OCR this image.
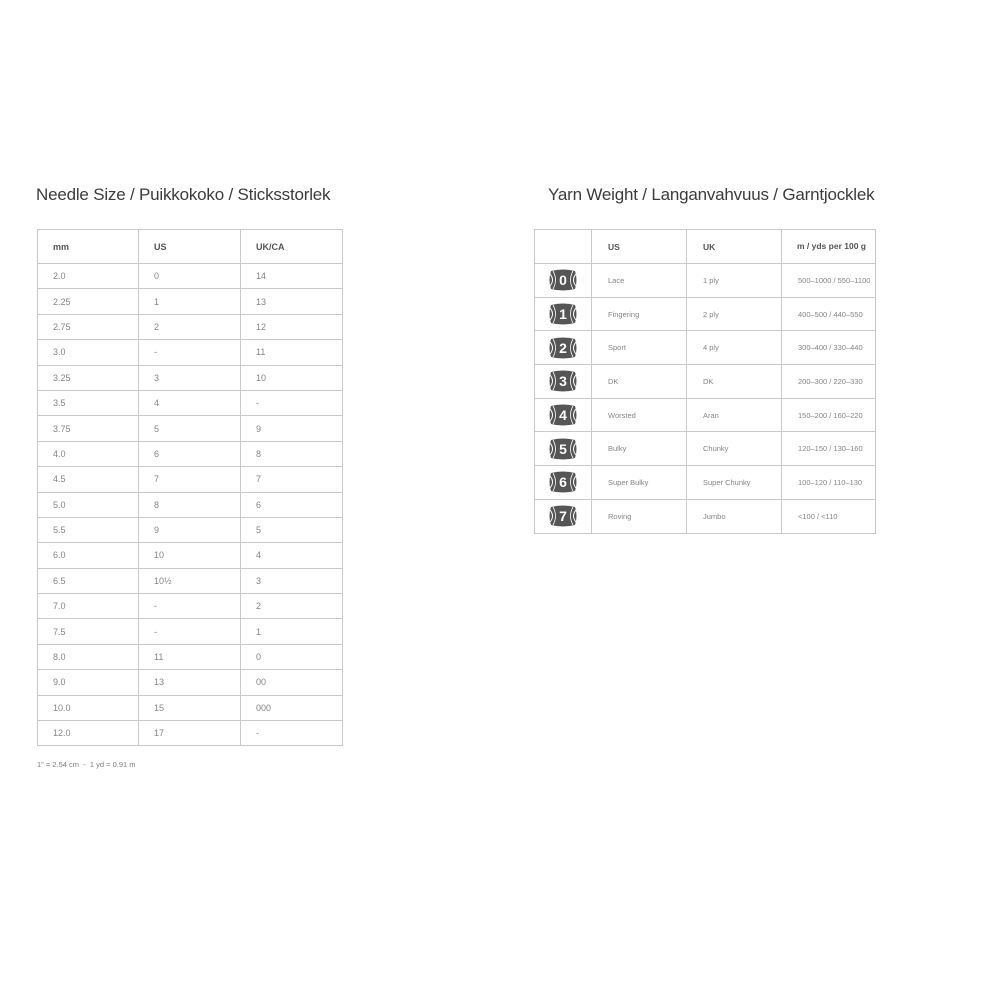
Needle Size / Puikkokoko / Sticksstorlek
mm	US	UK/CA
2.0	0	14
2.25	1	13
2.75	2	12
3.0	-	11
3.25	3	10
3.5	4	-
3.75	5	9
4.0	6	8
4.5	7	7
5.0	8	6
5.5	9	5
6.0	10	4
6.5	10½	3
7.0	-	2
7.5	-	1
8.0	11	0
9.0	13	00
10.0	15	000
12.0	17	-
1" = 2.54 cm  -  1 yd = 0.91 m
Yarn Weight / Langanvahvuus / Garntjocklek
	US	UK	m / yds per 100 g

0	Lace	1 ply	500–1000 / 550–1100

1	Fingering	2 ply	400–500 / 440–550

2	Sport	4 ply	300–400 / 330–440

3	DK	DK	200–300 / 220–330

4	Worsted	Aran	150–200 / 160–220

5	Bulky	Chunky	120–150 / 130–160

6	Super Bulky	Super Chunky	100–120 / 110–130

7	Roving	Jumbo	<100 / <110
